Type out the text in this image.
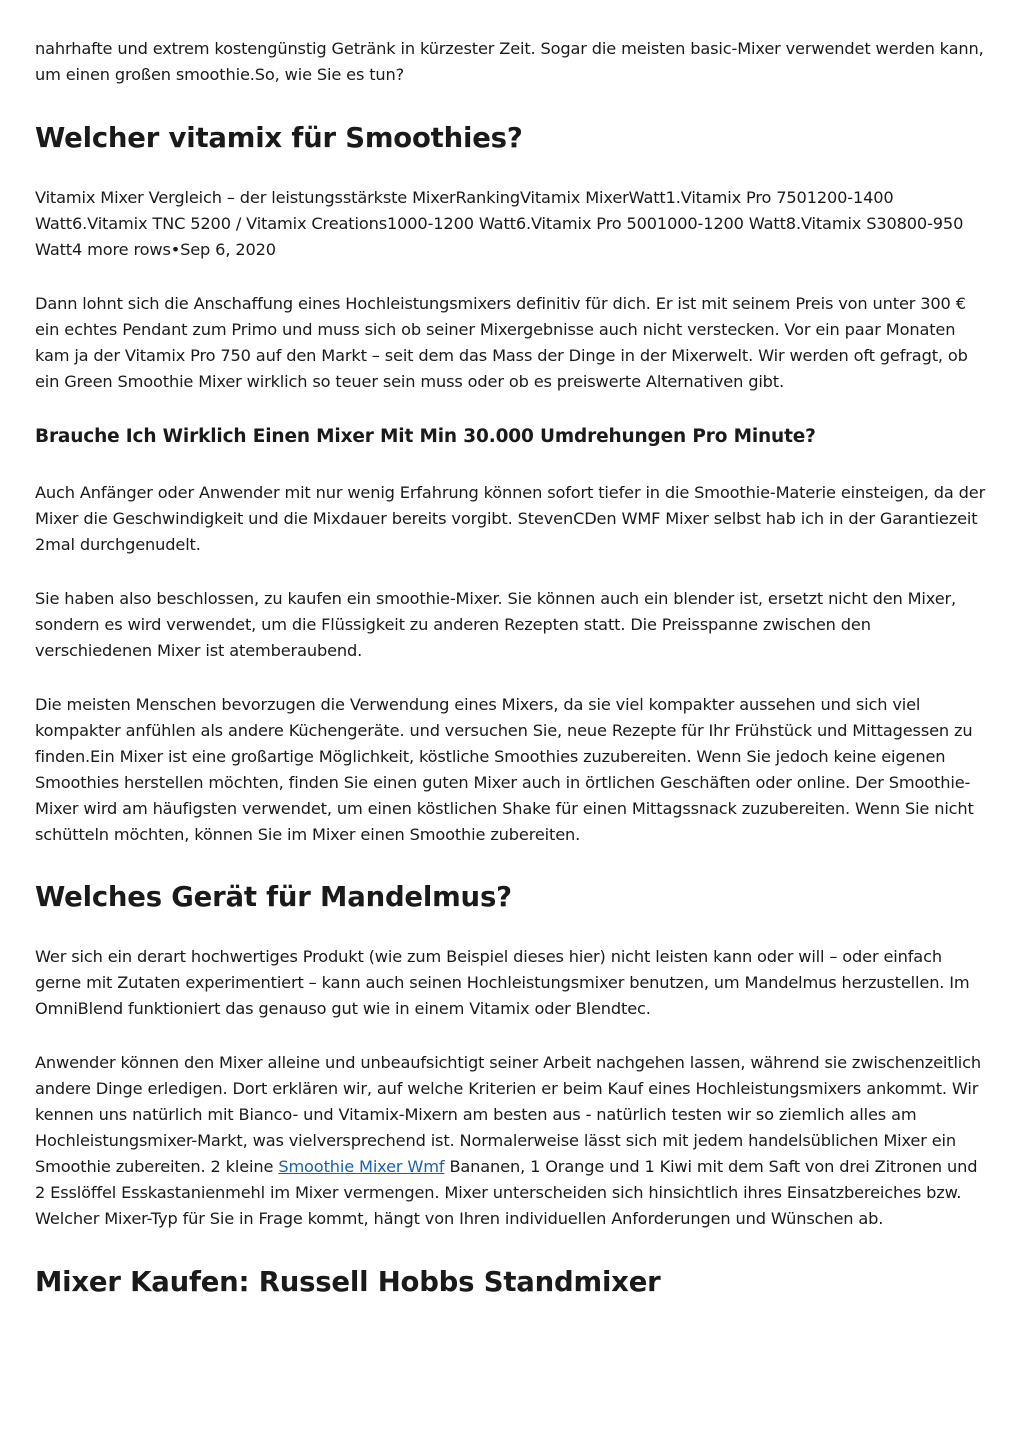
nahrhafte und extrem kostengünstig Getränk in kürzester Zeit. Sogar die meisten basic-Mixer verwendet werden kann, um einen großen smoothie.So, wie Sie es tun?

Welcher vitamix für Smoothies?

Vitamix Mixer Vergleich – der leistungsstärkste MixerRankingVitamix MixerWatt1.Vitamix Pro 7501200-1400 Watt6.Vitamix TNC 5200 / Vitamix Creations1000-1200 Watt6.Vitamix Pro 5001000-1200 Watt8.Vitamix S30800-950 Watt4 more rows•Sep 6, 2020

Dann lohnt sich die Anschaffung eines Hochleistungsmixers definitiv für dich. Er ist mit seinem Preis von unter 300 € ein echtes Pendant zum Primo und muss sich ob seiner Mixergebnisse auch nicht verstecken. Vor ein paar Monaten kam ja der Vitamix Pro 750 auf den Markt – seit dem das Mass der Dinge in der Mixerwelt. Wir werden oft gefragt, ob ein Green Smoothie Mixer wirklich so teuer sein muss oder ob es preiswerte Alternativen gibt.

Brauche Ich Wirklich Einen Mixer Mit Min 30.000 Umdrehungen Pro Minute?

Auch Anfänger oder Anwender mit nur wenig Erfahrung können sofort tiefer in die Smoothie-Materie einsteigen, da der Mixer die Geschwindigkeit und die Mixdauer bereits vorgibt. StevenCDen WMF Mixer selbst hab ich in der Garantiezeit 2mal durchgenudelt.

Sie haben also beschlossen, zu kaufen ein smoothie-Mixer. Sie können auch ein blender ist, ersetzt nicht den Mixer, sondern es wird verwendet, um die Flüssigkeit zu anderen Rezepten statt. Die Preisspanne zwischen den verschiedenen Mixer ist atemberaubend.

Die meisten Menschen bevorzugen die Verwendung eines Mixers, da sie viel kompakter aussehen und sich viel kompakter anfühlen als andere Küchengeräte. und versuchen Sie, neue Rezepte für Ihr Frühstück und Mittagessen zu finden.Ein Mixer ist eine großartige Möglichkeit, köstliche Smoothies zuzubereiten. Wenn Sie jedoch keine eigenen Smoothies herstellen möchten, finden Sie einen guten Mixer auch in örtlichen Geschäften oder online. Der Smoothie-Mixer wird am häufigsten verwendet, um einen köstlichen Shake für einen Mittagssnack zuzubereiten. Wenn Sie nicht schütteln möchten, können Sie im Mixer einen Smoothie zubereiten.

Welches Gerät für Mandelmus?

Wer sich ein derart hochwertiges Produkt (wie zum Beispiel dieses hier) nicht leisten kann oder will – oder einfach gerne mit Zutaten experimentiert – kann auch seinen Hochleistungsmixer benutzen, um Mandelmus herzustellen. Im OmniBlend funktioniert das genauso gut wie in einem Vitamix oder Blendtec.

Anwender können den Mixer alleine und unbeaufsichtigt seiner Arbeit nachgehen lassen, während sie zwischenzeitlich andere Dinge erledigen. Dort erklären wir, auf welche Kriterien er beim Kauf eines Hochleistungsmixers ankommt. Wir kennen uns natürlich mit Bianco- und Vitamix-Mixern am besten aus - natürlich testen wir so ziemlich alles am Hochleistungsmixer-Markt, was vielversprechend ist. Normalerweise lässt sich mit jedem handelsüblichen Mixer ein Smoothie zubereiten. 2 kleine Smoothie Mixer Wmf Bananen, 1 Orange und 1 Kiwi mit dem Saft von drei Zitronen und 2 Esslöffel Esskastanienmehl im Mixer vermengen. Mixer unterscheiden sich hinsichtlich ihres Einsatzbereiches bzw. Welcher Mixer-Typ für Sie in Frage kommt, hängt von Ihren individuellen Anforderungen und Wünschen ab.

Mixer Kaufen: Russell Hobbs Standmixer
